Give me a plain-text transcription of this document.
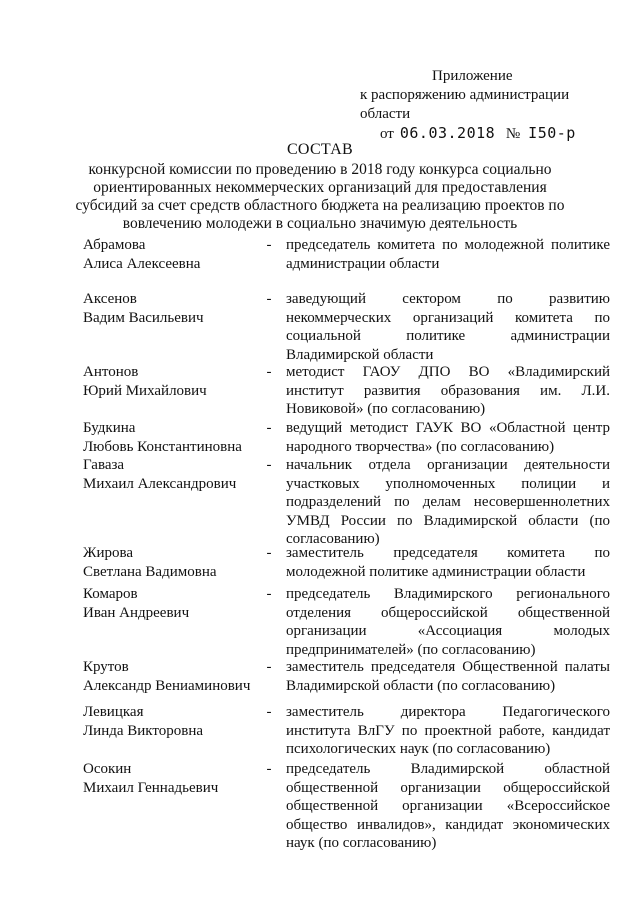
Приложение
к распоряжению администрации области
от 06.03.2018 № I50-р
СОСТАВ
конкурсной комиссии по проведению в 2018 году конкурса социально ориентированных некоммерческих организаций для предоставления субсидий за счет средств областного бюджета на реализацию проектов по вовлечению молодежи в социально значимую деятельность
Абрамова
Алиса Алексеевна
- председатель комитета по молодежной политике администрации области
Аксенов
Вадим Васильевич
- заведующий сектором по развитию некоммерческих организаций комитета по социальной политике администрации Владимирской области
Антонов
Юрий Михайлович
- методист ГАОУ ДПО ВО «Владимирский институт развития образования им. Л.И. Новиковой» (по согласованию)
Будкина
Любовь Константиновна
- ведущий методист ГАУК ВО «Областной центр народного творчества» (по согласованию)
Гаваза
Михаил Александрович
- начальник отдела организации деятельности участковых уполномоченных полиции и подразделений по делам несовершеннолетних УМВД России по Владимирской области (по согласованию)
Жирова
Светлана Вадимовна
- заместитель председателя комитета по молодежной политике администрации области
Комаров
Иван Андреевич
- председатель Владимирского регионального отделения общероссийской общественной организации «Ассоциация молодых предпринимателей» (по согласованию)
Крутов
Александр Вениаминович
- заместитель председателя Общественной палаты Владимирской области (по согласованию)
Левицкая
Линда Викторовна
- заместитель директора Педагогического института ВлГУ по проектной работе, кандидат психологических наук (по согласованию)
Осокин
Михаил Геннадьевич
- председатель Владимирской областной общественной организации общероссийской общественной организации «Всероссийское общество инвалидов», кандидат экономических наук (по согласованию)
